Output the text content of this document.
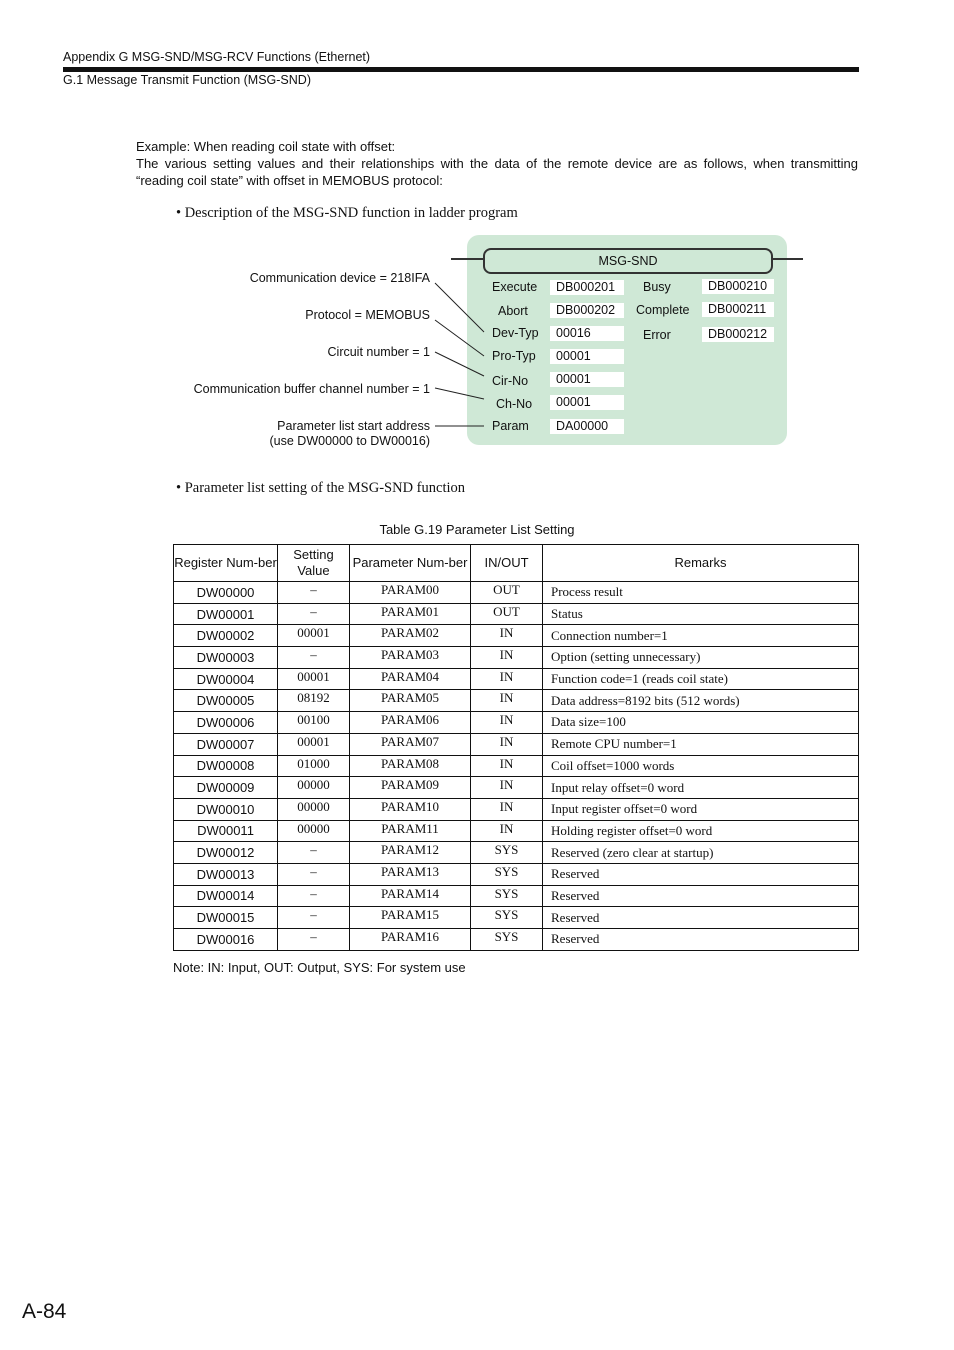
Appendix G MSG-SND/MSG-RCV Functions (Ethernet)
G.1 Message Transmit Function (MSG-SND)

Example: When reading coil state with offset:

The various setting values and their relationships with the data of the remote device are as follows, when transmitting “reading coil state” with offset in MEMOBUS protocol:

• Description of the MSG-SND function in ladder program
MSG-SND
Communication device = 218IFA
Protocol = MEMOBUS
Circuit number = 1
Communication buffer channel number = 1
Parameter list start address
(use DW00000 to DW00016)
Execute	DB000201
Abort	DB000202
Dev-Typ	00016
Pro-Typ	00001
Cir-No	00001
Ch-No	00001
Param	DA00000
Busy	DB000210
Complete	DB000211
Error	DB000212
• Parameter list setting of the MSG-SND function
Table G.19 Parameter List Setting
Register Num-ber	Setting Value	Parameter Num-ber	IN/OUT	Remarks
DW00000	–	PARAM00	OUT	Process result
DW00001	–	PARAM01	OUT	Status
DW00002	00001	PARAM02	IN	Connection number=1
DW00003	–	PARAM03	IN	Option (setting unnecessary)
DW00004	00001	PARAM04	IN	Function code=1 (reads coil state)
DW00005	08192	PARAM05	IN	Data address=8192 bits (512 words)
DW00006	00100	PARAM06	IN	Data size=100
DW00007	00001	PARAM07	IN	Remote CPU number=1
DW00008	01000	PARAM08	IN	Coil offset=1000 words
DW00009	00000	PARAM09	IN	Input relay offset=0 word
DW00010	00000	PARAM10	IN	Input register offset=0 word
DW00011	00000	PARAM11	IN	Holding register offset=0 word
DW00012	–	PARAM12	SYS	Reserved (zero clear at startup)
DW00013	–	PARAM13	SYS	Reserved
DW00014	–	PARAM14	SYS	Reserved
DW00015	–	PARAM15	SYS	Reserved
DW00016	–	PARAM16	SYS	Reserved
Note: IN: Input, OUT: Output, SYS: For system use
A-84
